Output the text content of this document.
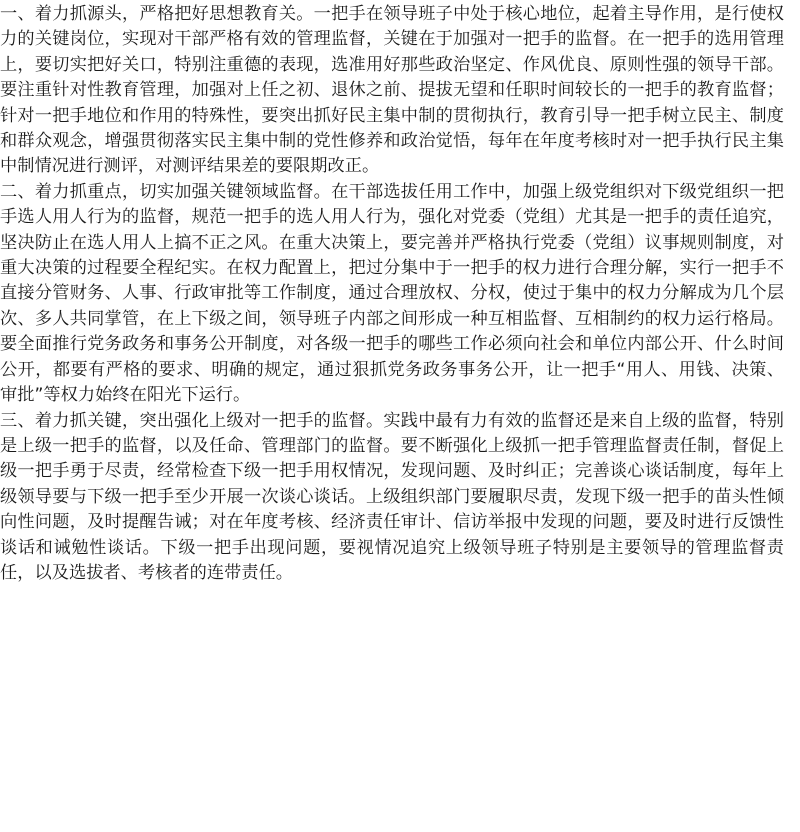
一、着力抓源头，严格把好思想教育关。一把手在领导班子中处于核心地位，起着主导作用，是行使权力的关键岗位，实现对干部严格有效的管理监督，关键在于加强对一把手的监督。在一把手的选用管理上，要切实把好关口，特别注重德的表现，选准用好那些政治坚定、作风优良、原则性强的领导干部。要注重针对性教育管理，加强对上任之初、退休之前、提拔无望和任职时间较长的一把手的教育监督；针对一把手地位和作用的特殊性，要突出抓好民主集中制的贯彻执行，教育引导一把手树立民主、制度和群众观念，增强贯彻落实民主集中制的党性修养和政治觉悟，每年在年度考核时对一把手执行民主集中制情况进行测评，对测评结果差的要限期改正。

二、着力抓重点，切实加强关键领域监督。在干部选拔任用工作中，加强上级党组织对下级党组织一把手选人用人行为的监督，规范一把手的选人用人行为，强化对党委（党组）尤其是一把手的责任追究，坚决防止在选人用人上搞不正之风。在重大决策上，要完善并严格执行党委（党组）议事规则制度，对重大决策的过程要全程纪实。在权力配置上，把过分集中于一把手的权力进行合理分解，实行一把手不直接分管财务、人事、行政审批等工作制度，通过合理放权、分权，使过于集中的权力分解成为几个层次、多人共同掌管，在上下级之间，领导班子内部之间形成一种互相监督、互相制约的权力运行格局。要全面推行党务政务和事务公开制度，对各级一把手的哪些工作必须向社会和单位内部公开、什么时间公开，都要有严格的要求、明确的规定，通过狠抓党务政务事务公开，让一把手“用人、用钱、决策、审批”等权力始终在阳光下运行。

三、着力抓关键，突出强化上级对一把手的监督。实践中最有力有效的监督还是来自上级的监督，特别是上级一把手的监督，以及任命、管理部门的监督。要不断强化上级抓一把手管理监督责任制，督促上级一把手勇于尽责，经常检查下级一把手用权情况，发现问题、及时纠正；完善谈心谈话制度，每年上级领导要与下级一把手至少开展一次谈心谈话。上级组织部门要履职尽责，发现下级一把手的苗头性倾向性问题，及时提醒告诫；对在年度考核、经济责任审计、信访举报中发现的问题，要及时进行反馈性谈话和诫勉性谈话。下级一把手出现问题，要视情况追究上级领导班子特别是主要领导的管理监督责任，以及选拔者、考核者的连带责任。
